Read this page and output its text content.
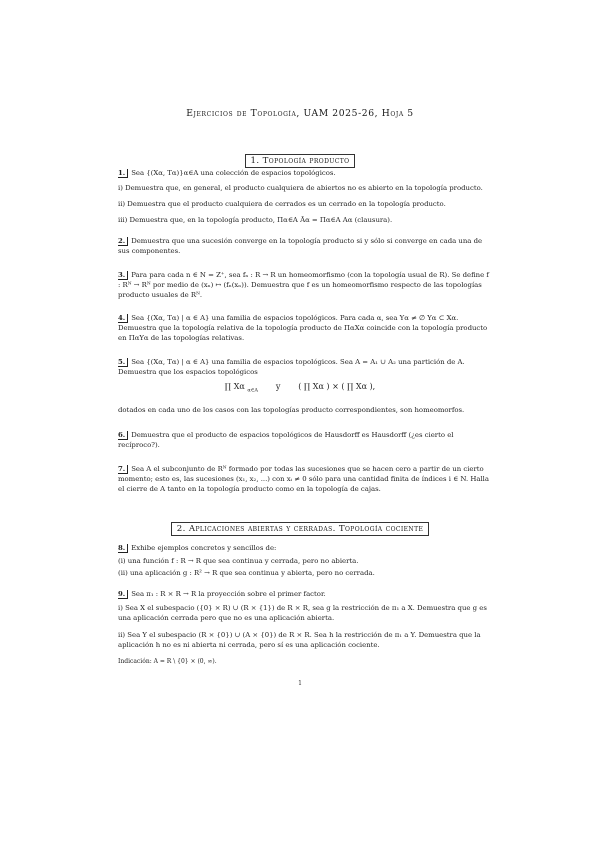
Ejercicios de Topología, UAM 2025-26, Hoja 5
1. Topología producto
1. Sea {(Xα, Tα)}α∈A una colección de espacios topológicos.
i) Demuestra que, en general, el producto cualquiera de abiertos no es abierto en la topología producto.
ii) Demuestra que el producto cualquiera de cerrados es un cerrado en la topología producto.
iii) Demuestra que, en la topología producto, Πα∈A Āα = Πα∈A Aα (clausura).
2. Demuestra que una sucesión converge en la topología producto si y sólo si converge en cada una de sus componentes.
3. Para para cada n ∈ N = Z⁺, sea fₙ : R → R un homeomorfismo (con la topología usual de R). Se define f : Rᴺ → Rᴺ por medio de (xₙ) ↦ (fₙ(xₙ)). Demuestra que f es un homeomorfismo respecto de las topologías producto usuales de Rᴺ.
4. Sea {(Xα, Tα) | α ∈ A} una familia de espacios topológicos. Para cada α, sea Yα ≠ ∅ Yα ⊂ Xα. Demuestra que la topología relativa de la topología producto de ΠαXα coincide con la topología producto en ΠαYα de las topologías relativas.
5. Sea {(Xα, Tα) | α ∈ A} una familia de espacios topológicos. Sea A = A₁ ∪ A₂ una partición de A. Demuestra que los espacios topológicos
∏ Xα $_{\alpha\in A}$ y ( ∏ Xα ) × ( ∏ Xα ),
dotados en cada uno de los casos con las topologías producto correspondientes, son homeomorfos.
6. Demuestra que el producto de espacios topológicos de Hausdorff es Hausdorff (¿es cierto el recíproco?).
7. Sea A el subconjunto de Rᴺ formado por todas las sucesiones que se hacen cero a partir de un cierto momento; esto es, las sucesiones (x₁, x₂, ...) con xᵢ ≠ 0 sólo para una cantidad finita de índices i ∈ N. Halla el cierre de A tanto en la topología producto como en la topología de cajas.
2. Aplicaciones abiertas y cerradas. Topología cociente
8. Exhibe ejemplos concretos y sencillos de:
(i) una función f : R → R que sea continua y cerrada, pero no abierta.
(ii) una aplicación g : R² → R que sea continua y abierta, pero no cerrada.
9. Sea π₁ : R × R → R la proyección sobre el primer factor.
i) Sea X el subespacio ({0} × R) ∪ (R × {1}) de R × R, sea g la restricción de π₁ a X. Demuestra que g es una aplicación cerrada pero que no es una aplicación abierta.
ii) Sea Y el subespacio (R × {0}) ∪ (A × {0}) de R × R. Sea h la restricción de π₁ a Y. Demuestra que la aplicación h no es ni abierta ni cerrada, pero sí es una aplicación cociente.
Indicación: A = R \ {0} × (0, ∞).
1
